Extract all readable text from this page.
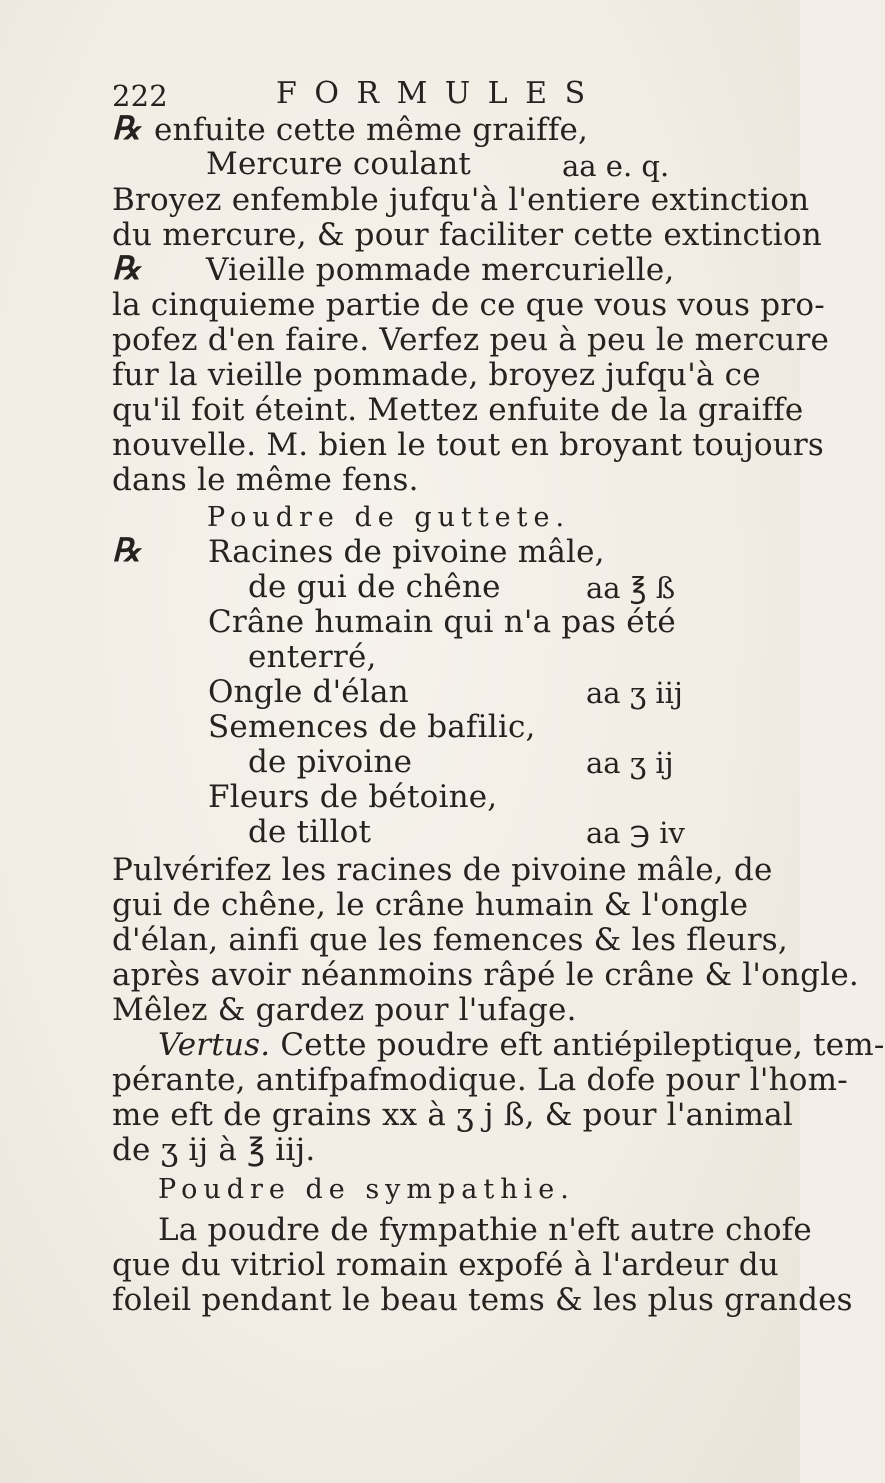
222	F O R M U L E S
℞ enfuite cette même graiffe,
Mercure coulant	aa e. q.
Broyez enfemble jufqu'à l'entiere extinction
du mercure, & pour faciliter cette extinction
℞ Vieille pommade mercurielle,
la cinquieme partie de ce que vous vous pro-
pofez d'en faire. Verfez peu à peu le mercure
fur la vieille pommade, broyez jufqu'à ce
qu'il foit éteint. Mettez enfuite de la graiffe
nouvelle. M. bien le tout en broyant toujours
dans le même fens.
Poudre de guttete.
℞ Racines de pivoine mâle,
de gui de chêne	aa ℥ ß
Crâne humain qui n'a pas été
enterré,
Ongle d'élan	aa ʒ iij
Semences de bafilic,
de pivoine	aa ʒ ij
Fleurs de bétoine,
de tillot	aa ℈ iv
Pulvérifez les racines de pivoine mâle, de
gui de chêne, le crâne humain & l'ongle
d'élan, ainfi que les femences & les fleurs,
après avoir néanmoins râpé le crâne & l'ongle.
Mêlez & gardez pour l'ufage.
Vertus. Cette poudre eft antiépileptique, tem-
pérante, antifpafmodique. La dofe pour l'hom-
me eft de grains xx à ʒ j ß, & pour l'animal
de ʒ ij à ℥ iij.
Poudre de sympathie.
La poudre de fympathie n'eft autre chofe
que du vitriol romain expofé à l'ardeur du
foleil pendant le beau tems & les plus grandes
